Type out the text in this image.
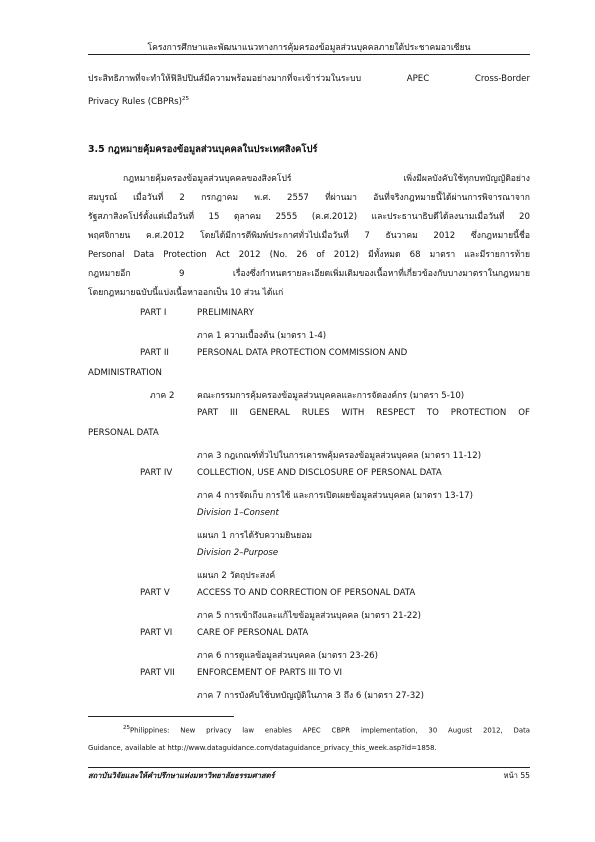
โครงการศึกษาและพัฒนาแนวทางการคุ้มครองข้อมูลส่วนบุคคลภายใต้ประชาคมอาเซียน
ประสิทธิภาพที่จะทำให้ฟิลิปปินส์มีความพร้อมอย่างมากที่จะเข้าร่วมในระบบ APEC Cross-Border
Privacy Rules (CBPRs)$^{25}$
3.5 กฎหมายคุ้มครองข้อมูลส่วนบุคคลในประเทศสิงคโปร์
กฎหมายคุ้มครองข้อมูลส่วนบุคคลของสิงคโปร์ เพิ่งมีผลบังคับใช้ทุกบทบัญญัติอย่าง
สมบูรณ์ เมื่อวันที่ 2 กรกฎาคม พ.ศ. 2557 ที่ผ่านมา อันที่จริงกฎหมายนี้ได้ผ่านการพิจารณาจาก
รัฐสภาสิงคโปร์ตั้งแต่เมื่อวันที่ 15 ตุลาคม 2555 (ค.ศ.2012) และประธานาธิบดีได้ลงนามเมื่อวันที่ 20
พฤศจิกายน ค.ศ.2012 โดยได้มีการตีพิมพ์ประกาศทั่วไปเมื่อวันที่ 7 ธันวาคม 2012 ซึ่งกฎหมายนี้ชื่อ
Personal Data Protection Act 2012 (No. 26 of 2012) มีทั้งหมด 68 มาตรา และมีรายการท้าย
กฎหมายอีก 9 เรื่องซึ่งกำหนดรายละเอียดเพิ่มเติมของเนื้อหาที่เกี่ยวข้องกับบางมาตราในกฎหมาย
โดยกฎหมายฉบับนี้แบ่งเนื้อหาออกเป็น 10 ส่วน ได้แก่
PART I	PRELIMINARY
ภาค 1 ความเบื้องต้น (มาตรา 1-4)
PART II	PERSONAL DATA PROTECTION COMMISSION AND
ADMINISTRATION
ภาค 2	คณะกรรมการคุ้มครองข้อมูลส่วนบุคคลและการจัดองค์กร (มาตรา 5-10)
PART III GENERAL RULES WITH RESPECT TO PROTECTION OF
PERSONAL DATA
ภาค 3 กฎเกณฑ์ทั่วไปในการเคารพคุ้มครองข้อมูลส่วนบุคคล (มาตรา 11-12)
PART IV	COLLECTION, USE AND DISCLOSURE OF PERSONAL DATA
ภาค 4 การจัดเก็บ การใช้ และการเปิดเผยข้อมูลส่วนบุคคล (มาตรา 13-17)
Division 1–Consent
แผนก 1 การได้รับความยินยอม
Division 2–Purpose
แผนก 2 วัตถุประสงค์
PART V	ACCESS TO AND CORRECTION OF PERSONAL DATA
ภาค 5 การเข้าถึงและแก้ไขข้อมูลส่วนบุคคล (มาตรา 21-22)
PART VI	CARE OF PERSONAL DATA
ภาค 6 การดูแลข้อมูลส่วนบุคคล (มาตรา 23-26)
PART VII	ENFORCEMENT OF PARTS III TO VI
ภาค 7 การบังคับใช้บทบัญญัติในภาค 3 ถึง 6 (มาตรา 27-32)
$^{25}$Philippines: New privacy law enables APEC CBPR implementation, 30 August 2012, Data
Guidance, available at http://www.dataguidance.com/dataguidance_privacy_this_week.asp?id=1858.
สถาบันวิจัยและให้คำปรึกษาแห่งมหาวิทยาลัยธรรมศาสตร์	หน้า 55
